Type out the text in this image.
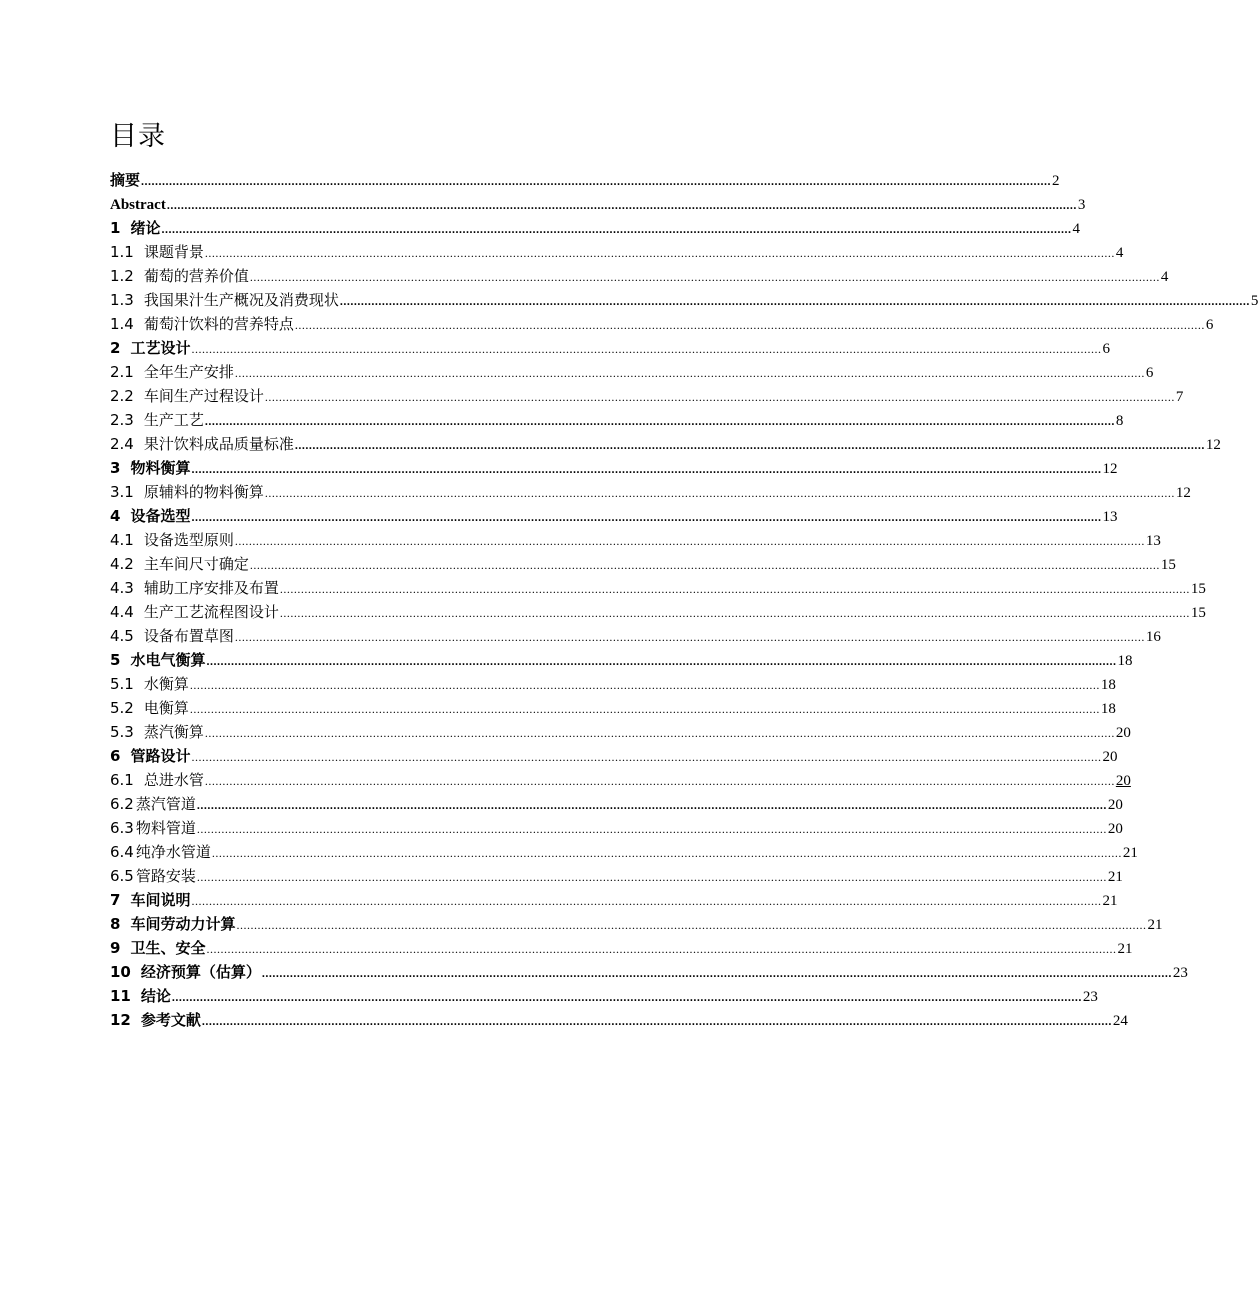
目录
摘要 .................................................................................................................................................................................................................................................................... 2
Abstract .................................................................................................................................................................................................................................................................... 3
1 绪论 .................................................................................................................................................................................................................................................................... 4
1.1 课题背景 .................................................................................................................................................................................................................................................................... 4
1.2 葡萄的营养价值 .................................................................................................................................................................................................................................................................... 4
1.3 我国果汁生产概况及消费现状 .................................................................................................................................................................................................................................................................... 5
1.4 葡萄汁饮料的营养特点 .................................................................................................................................................................................................................................................................... 6
2 工艺设计 .................................................................................................................................................................................................................................................................... 6
2.1 全年生产安排 .................................................................................................................................................................................................................................................................... 6
2.2 车间生产过程设计 .................................................................................................................................................................................................................................................................... 7
2.3 生产工艺 .................................................................................................................................................................................................................................................................... 8
2.4 果汁饮料成品质量标准 .................................................................................................................................................................................................................................................................... 12
3 物料衡算 .................................................................................................................................................................................................................................................................... 12
3.1 原辅料的物料衡算 .................................................................................................................................................................................................................................................................... 12
4 设备选型 .................................................................................................................................................................................................................................................................... 13
4.1 设备选型原则 .................................................................................................................................................................................................................................................................... 13
4.2 主车间尺寸确定 .................................................................................................................................................................................................................................................................... 15
4.3 辅助工序安排及布置 .................................................................................................................................................................................................................................................................... 15
4.4 生产工艺流程图设计 .................................................................................................................................................................................................................................................................... 15
4.5 设备布置草图 .................................................................................................................................................................................................................................................................... 16
5 水电气衡算 .................................................................................................................................................................................................................................................................... 18
5.1 水衡算 .................................................................................................................................................................................................................................................................... 18
5.2 电衡算 .................................................................................................................................................................................................................................................................... 18
5.3 蒸汽衡算 .................................................................................................................................................................................................................................................................... 20
6 管路设计 .................................................................................................................................................................................................................................................................... 20
6.1 总进水管 .................................................................................................................................................................................................................................................................... 20
6.2 蒸汽管道 .................................................................................................................................................................................................................................................................... 20
6.3 物料管道 .................................................................................................................................................................................................................................................................... 20
6.4 纯净水管道 .................................................................................................................................................................................................................................................................... 21
6.5 管路安装 .................................................................................................................................................................................................................................................................... 21
7 车间说明 .................................................................................................................................................................................................................................................................... 21
8 车间劳动力计算 .................................................................................................................................................................................................................................................................... 21
9 卫生、安全 .................................................................................................................................................................................................................................................................... 21
10 经济预算（估算） .................................................................................................................................................................................................................................................................... 23
11 结论 .................................................................................................................................................................................................................................................................... 23
12 参考文献 .................................................................................................................................................................................................................................................................... 24
